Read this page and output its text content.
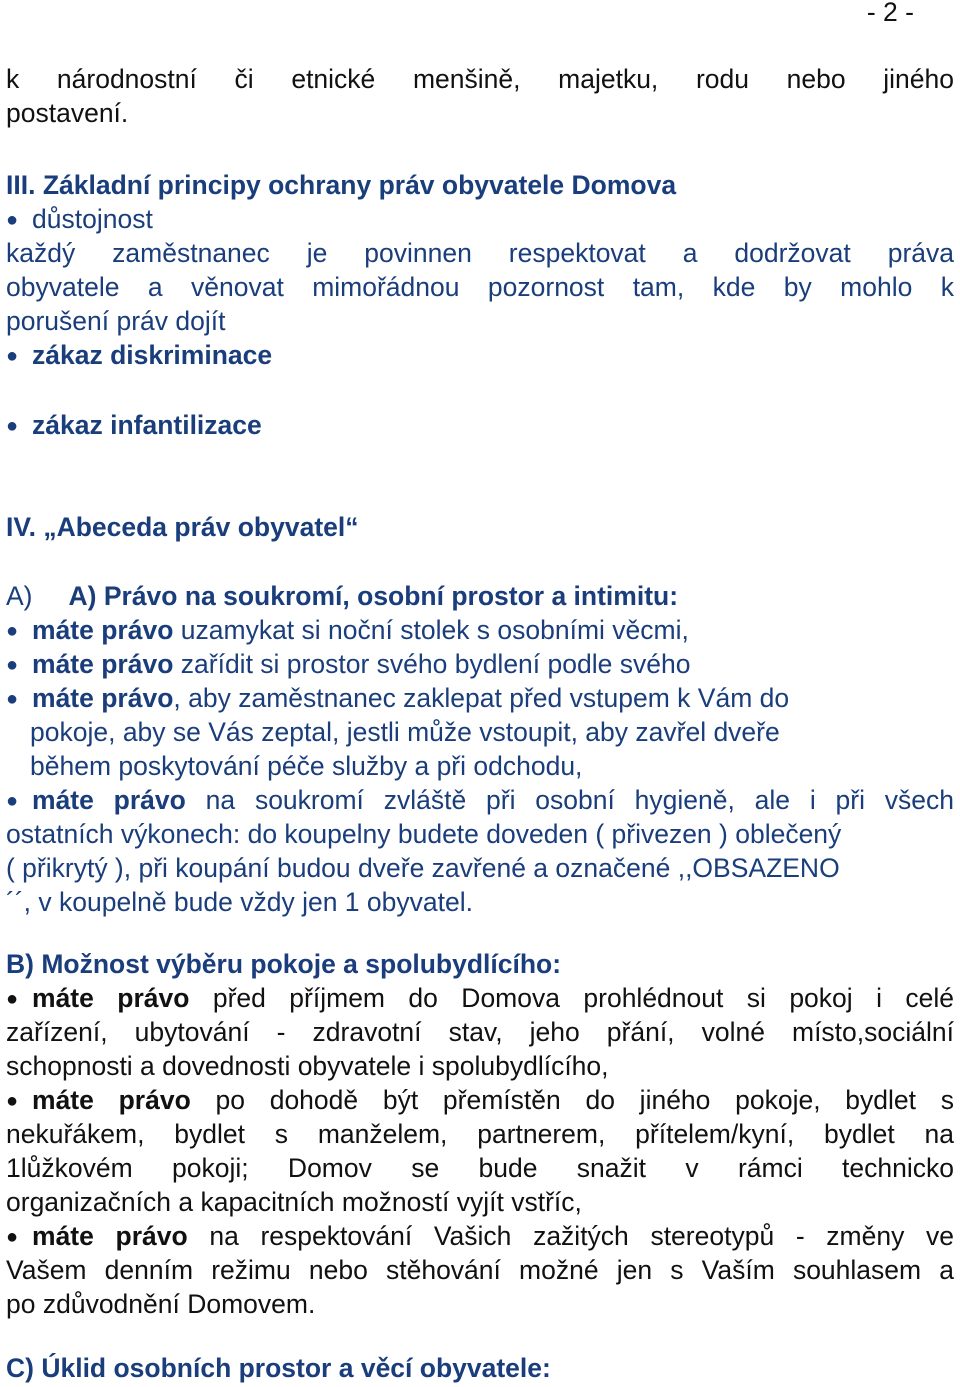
- 2 -
k národnostní či etnické menšině, majetku, rodu nebo jiného
postavení.
III. Základní principy ochrany práv obyvatele Domova
● důstojnost
každý zaměstnanec je povinnen respektovat a dodržovat práva
obyvatele a věnovat mimořádnou pozornost tam, kde by mohlo k
porušení práv dojít
● zákaz diskriminace
● zákaz infantilizace
IV. „Abeceda práv obyvatel“
A) A) Právo na soukromí, osobní prostor a intimitu:
● máte právo uzamykat si noční stolek s osobními věcmi,
● máte právo zařídit si prostor svého bydlení podle svého
● máte právo, aby zaměstnanec zaklepat před vstupem k Vám do
pokoje, aby se Vás zeptal, jestli může vstoupit, aby zavřel dveře
během poskytování péče služby a při odchodu,
● máte právo na soukromí zvláště při osobní hygieně, ale i při všech
ostatních výkonech: do koupelny budete doveden ( přivezen ) oblečený
( přikrytý ), při koupání budou dveře zavřené a označené ,,OBSAZENO
´´, v koupelně bude vždy jen 1 obyvatel.
B) Možnost výběru pokoje a spolubydlícího:
● máte právo před příjmem do Domova prohlédnout si pokoj i celé
zařízení, ubytování - zdravotní stav, jeho přání, volné místo,sociální
schopnosti a dovednosti obyvatele i spolubydlícího,
● máte právo po dohodě být přemístěn do jiného pokoje, bydlet s
nekuřákem, bydlet s manželem, partnerem, přítelem/kyní, bydlet na
1lůžkovém pokoji; Domov se bude snažit v rámci technicko
organizačních a kapacitních možností vyjít vstříc,
● máte právo na respektování Vašich zažitých stereotypů - změny ve
Vašem denním režimu nebo stěhování možné jen s Vaším souhlasem a
po zdůvodnění Domovem.
C) Úklid osobních prostor a věcí obyvatele:
